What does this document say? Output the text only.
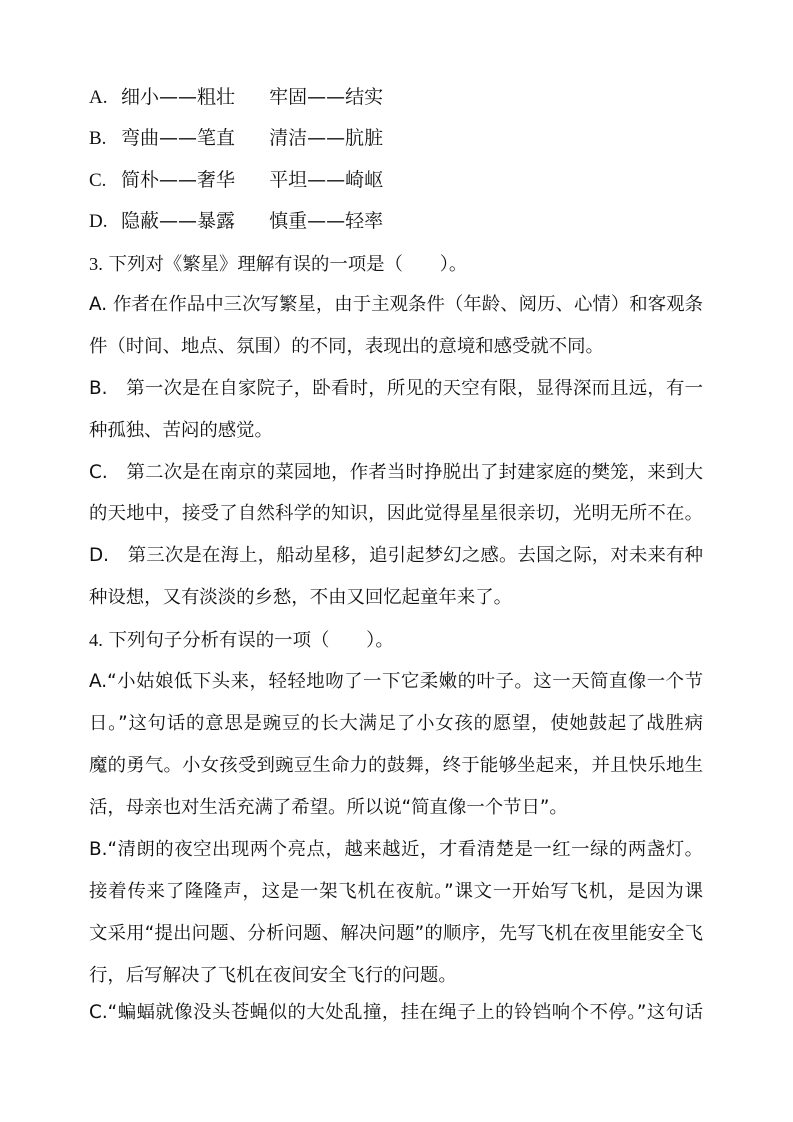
A. 细小——粗壮 牢固——结实
B. 弯曲——笔直 清洁——肮脏
C. 简朴——奢华 平坦——崎岖
D. 隐蔽——暴露 慎重——轻率
3. 下列对《繁星》理解有误的一项是（　　）。
A. 作者在作品中三次写繁星，由于主观条件（年龄、阅历、心情）和客观条
件（时间、地点、氛围）的不同，表现出的意境和感受就不同。
B.　第一次是在自家院子，卧看时，所见的天空有限，显得深而且远，有一
种孤独、苦闷的感觉。
C.　第二次是在南京的菜园地，作者当时挣脱出了封建家庭的樊笼，来到大
的天地中，接受了自然科学的知识，因此觉得星星很亲切，光明无所不在。
D.　第三次是在海上，船动星移，追引起梦幻之感。去国之际，对未来有种
种设想，又有淡淡的乡愁，不由又回忆起童年来了。
4. 下列句子分析有误的一项（　　）。
A.“小姑娘低下头来，轻轻地吻了一下它柔嫩的叶子。这一天简直像一个节
日。”这句话的意思是豌豆的长大满足了小女孩的愿望，使她鼓起了战胜病
魔的勇气。小女孩受到豌豆生命力的鼓舞，终于能够坐起来，并且快乐地生
活，母亲也对生活充满了希望。所以说“简直像一个节日”。
B.“清朗的夜空出现两个亮点，越来越近，才看清楚是一红一绿的两盏灯。
接着传来了隆隆声，这是一架飞机在夜航。”课文一开始写飞机，是因为课
文采用“提出问题、分析问题、解决问题”的顺序，先写飞机在夜里能安全飞
行，后写解决了飞机在夜间安全飞行的问题。
C.“蝙蝠就像没头苍蝇似的大处乱撞，挂在绳子上的铃铛响个不停。”这句话
